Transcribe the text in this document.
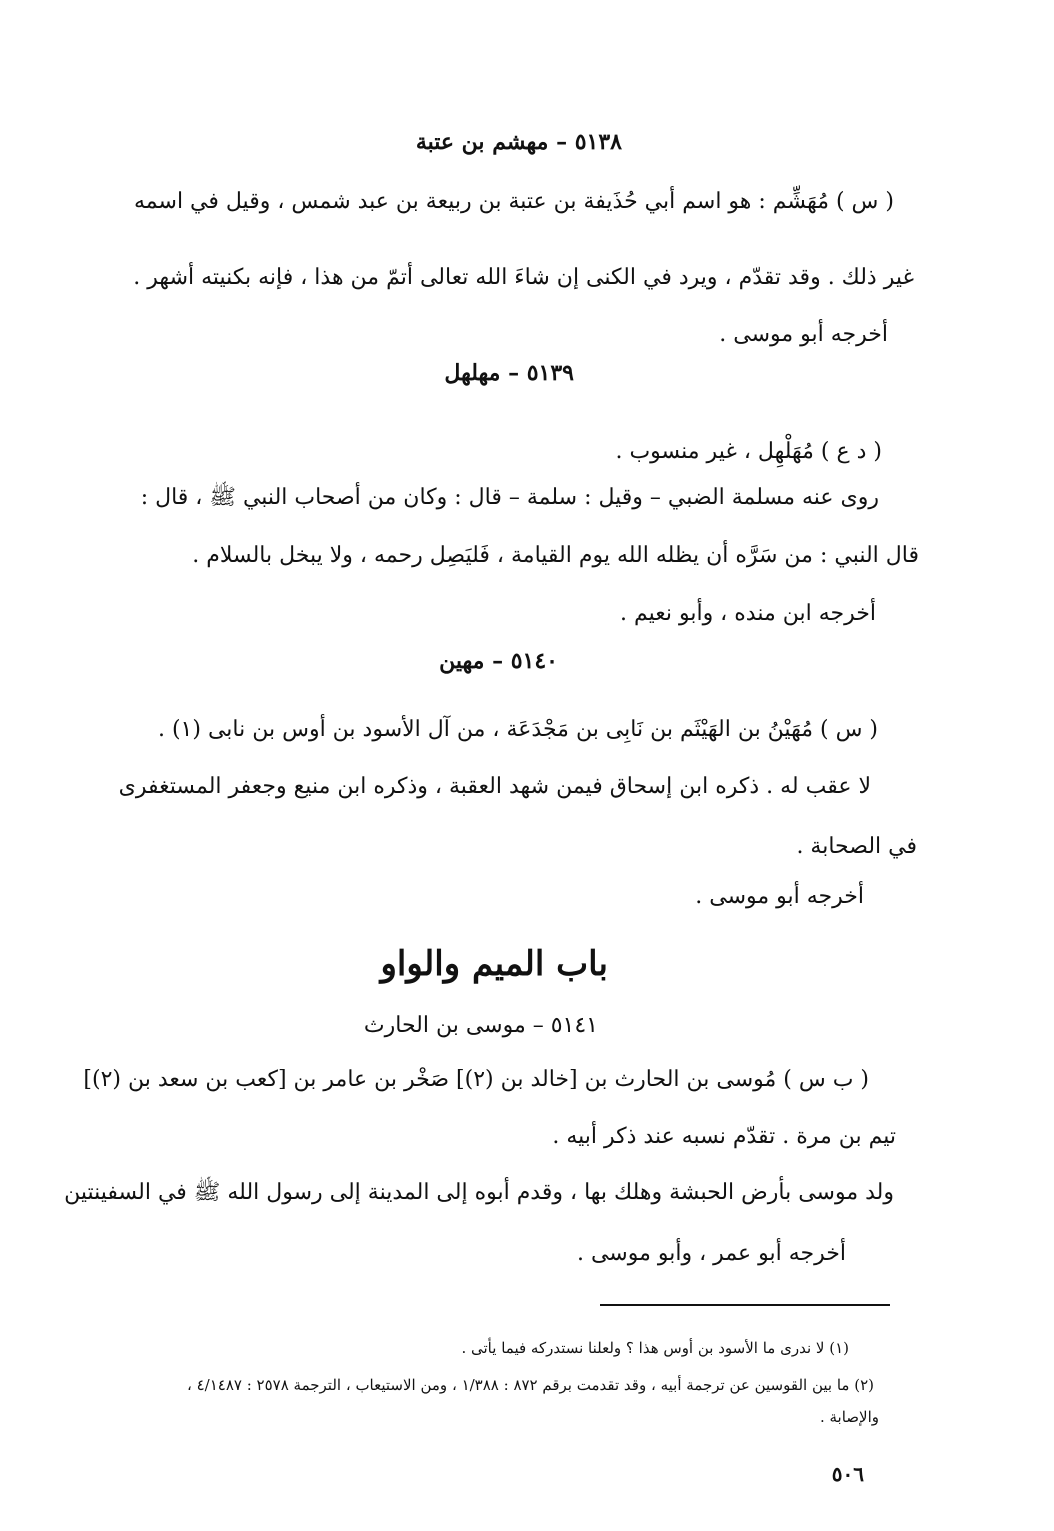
٥١٣٨ – مهشم بن عتبة
( س ) مُهَشِّم : هو اسم أبي حُذَيفة بن عتبة بن ربيعة بن عبد شمس ، وقيل في اسمه
غير ذلك . وقد تقدّم ، ويرد في الكنى إن شاءَ الله تعالى أتمّ من هذا ، فإنه بكنيته أشهر .
أخرجه أبو موسى .
٥١٣٩ – مهلهل
( د ع ) مُهَلْهِل ، غير منسوب .
روى عنه مسلمة الضبي – وقيل : سلمة – قال : وكان من أصحاب النبي ﷺ ، قال :
قال النبي : من سَرَّه أن يظله الله يوم القيامة ، فَليَصِل رحمه ، ولا يبخل بالسلام .
أخرجه ابن منده ، وأبو نعيم .
٥١٤٠ – مهين
( س ) مُهَيْنُ بن الهَيْثَم بن نَابِى بن مَجْدَعَة ، من آل الأسود بن أوس بن نابى (١) .
لا عقب له . ذكره ابن إسحاق فيمن شهد العقبة ، وذكره ابن منيع وجعفر المستغفرى
في الصحابة .
أخرجه أبو موسى .
باب الميم والواو
٥١٤١ – موسى بن الحارث
( ب س ) مُوسى بن الحارث بن [خالد بن (٢)] صَخْر بن عامر بن [كعب بن سعد بن (٢)]
تيم بن مرة . تقدّم نسبه عند ذكر أبيه .
ولد موسى بأرض الحبشة وهلك بها ، وقدم أبوه إلى المدينة إلى رسول الله ﷺ في السفينتين
أخرجه أبو عمر ، وأبو موسى .
(١) لا ندرى ما الأسود بن أوس هذا ؟ ولعلنا نستدركه فيما يأتى .
(٢) ما بين القوسين عن ترجمة أبيه ، وقد تقدمت برقم ٨٧٢ : ١/٣٨٨ ، ومن الاستيعاب ، الترجمة ٢٥٧٨ : ٤/١٤٨٧ ،
والإصابة .
٥٠٦
